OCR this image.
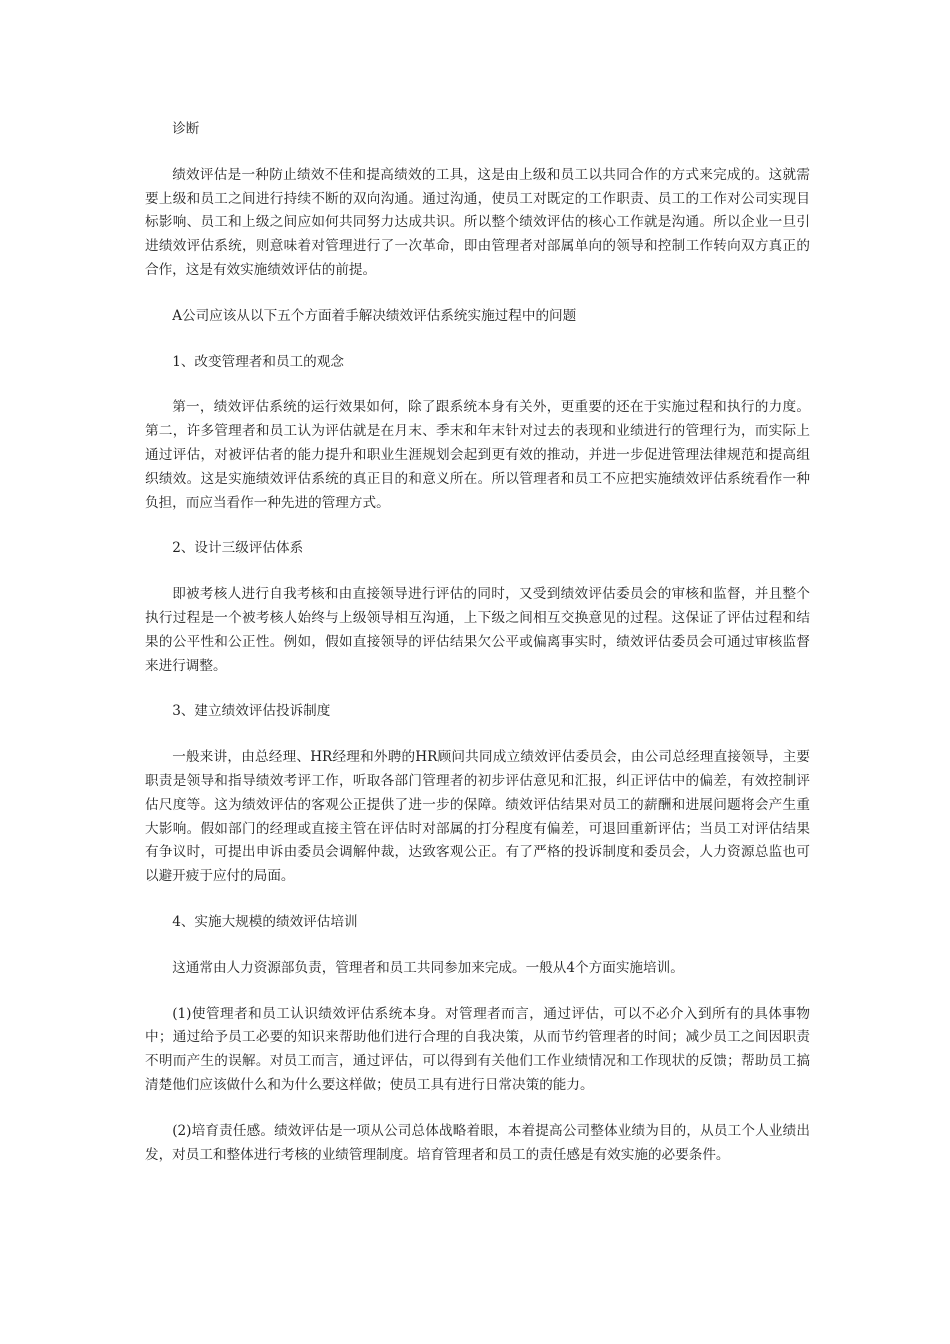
诊断

绩效评估是一种防止绩效不佳和提高绩效的工具，这是由上级和员工以共同合作的方式来完成的。这就需要上级和员工之间进行持续不断的双向沟通。通过沟通，使员工对既定的工作职责、员工的工作对公司实现目标影响、员工和上级之间应如何共同努力达成共识。所以整个绩效评估的核心工作就是沟通。所以企业一旦引进绩效评估系统，则意味着对管理进行了一次革命，即由管理者对部属单向的领导和控制工作转向双方真正的合作，这是有效实施绩效评估的前提。

A公司应该从以下五个方面着手解决绩效评估系统实施过程中的问题

1、改变管理者和员工的观念

第一，绩效评估系统的运行效果如何，除了跟系统本身有关外，更重要的还在于实施过程和执行的力度。第二，许多管理者和员工认为评估就是在月末、季末和年末针对过去的表现和业绩进行的管理行为，而实际上通过评估，对被评估者的能力提升和职业生涯规划会起到更有效的推动，并进一步促进管理法律规范和提高组织绩效。这是实施绩效评估系统的真正目的和意义所在。所以管理者和员工不应把实施绩效评估系统看作一种负担，而应当看作一种先进的管理方式。

2、设计三级评估体系

即被考核人进行自我考核和由直接领导进行评估的同时，又受到绩效评估委员会的审核和监督，并且整个执行过程是一个被考核人始终与上级领导相互沟通，上下级之间相互交换意见的过程。这保证了评估过程和结果的公平性和公正性。例如，假如直接领导的评估结果欠公平或偏离事实时，绩效评估委员会可通过审核监督来进行调整。

3、建立绩效评估投诉制度

一般来讲，由总经理、HR经理和外聘的HR顾问共同成立绩效评估委员会，由公司总经理直接领导，主要职责是领导和指导绩效考评工作，听取各部门管理者的初步评估意见和汇报，纠正评估中的偏差，有效控制评估尺度等。这为绩效评估的客观公正提供了进一步的保障。绩效评估结果对员工的薪酬和进展问题将会产生重大影响。假如部门的经理或直接主管在评估时对部属的打分程度有偏差，可退回重新评估；当员工对评估结果有争议时，可提出申诉由委员会调解仲裁，达致客观公正。有了严格的投诉制度和委员会，人力资源总监也可以避开疲于应付的局面。

4、实施大规模的绩效评估培训

这通常由人力资源部负责，管理者和员工共同参加来完成。一般从4个方面实施培训。

(1)使管理者和员工认识绩效评估系统本身。对管理者而言，通过评估，可以不必介入到所有的具体事物中；通过给予员工必要的知识来帮助他们进行合理的自我决策，从而节约管理者的时间；减少员工之间因职责不明而产生的误解。对员工而言，通过评估，可以得到有关他们工作业绩情况和工作现状的反馈；帮助员工搞清楚他们应该做什么和为什么要这样做；使员工具有进行日常决策的能力。

(2)培育责任感。绩效评估是一项从公司总体战略着眼，本着提高公司整体业绩为目的，从员工个人业绩出发，对员工和整体进行考核的业绩管理制度。培育管理者和员工的责任感是有效实施的必要条件。
